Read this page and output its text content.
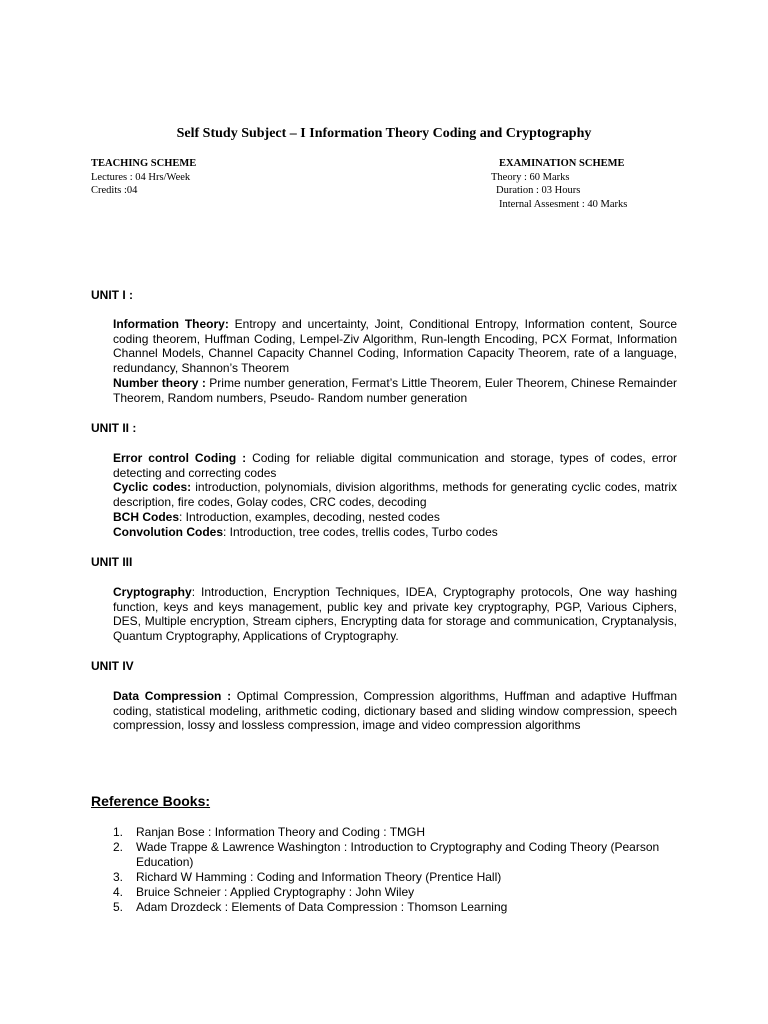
Self Study Subject – I Information Theory Coding and Cryptography
TEACHING SCHEME
Lectures : 04 Hrs/Week
Credits :04
EXAMINATION SCHEME
Theory : 60 Marks
Duration : 03 Hours
Internal Assesment : 40 Marks
UNIT I :

Information Theory: Entropy and uncertainty, Joint, Conditional Entropy, Information content, Source coding theorem, Huffman Coding, Lempel-Ziv Algorithm, Run-length Encoding, PCX Format, Information Channel Models, Channel Capacity Channel Coding, Information Capacity Theorem, rate of a language, redundancy, Shannon’s Theorem

Number theory : Prime number generation, Fermat’s Little Theorem, Euler Theorem, Chinese Remainder Theorem, Random numbers, Pseudo- Random number generation

UNIT II :

Error control Coding : Coding for reliable digital communication and storage, types of codes, error detecting and correcting codes

Cyclic codes: introduction, polynomials, division algorithms, methods for generating cyclic codes, matrix description, fire codes, Golay codes, CRC codes, decoding

BCH Codes: Introduction, examples, decoding, nested codes

Convolution Codes: Introduction, tree codes, trellis codes, Turbo codes

UNIT III

Cryptography: Introduction, Encryption Techniques, IDEA, Cryptography protocols, One way hashing function, keys and keys management, public key and private key cryptography, PGP, Various Ciphers, DES, Multiple encryption, Stream ciphers, Encrypting data for storage and communication, Cryptanalysis, Quantum Cryptography, Applications of Cryptography.

UNIT IV

Data Compression : Optimal Compression, Compression algorithms, Huffman and adaptive Huffman coding, statistical modeling, arithmetic coding, dictionary based and sliding window compression, speech compression, lossy and lossless compression, image and video compression algorithms

Reference Books:
1. Ranjan Bose : Information Theory and Coding : TMGH
2. Wade Trappe & Lawrence Washington : Introduction to Cryptography and Coding Theory (Pearson Education)
3. Richard W Hamming : Coding and Information Theory (Prentice Hall)
4. Bruice Schneier : Applied Cryptography : John Wiley
5. Adam Drozdeck : Elements of Data Compression : Thomson Learning
